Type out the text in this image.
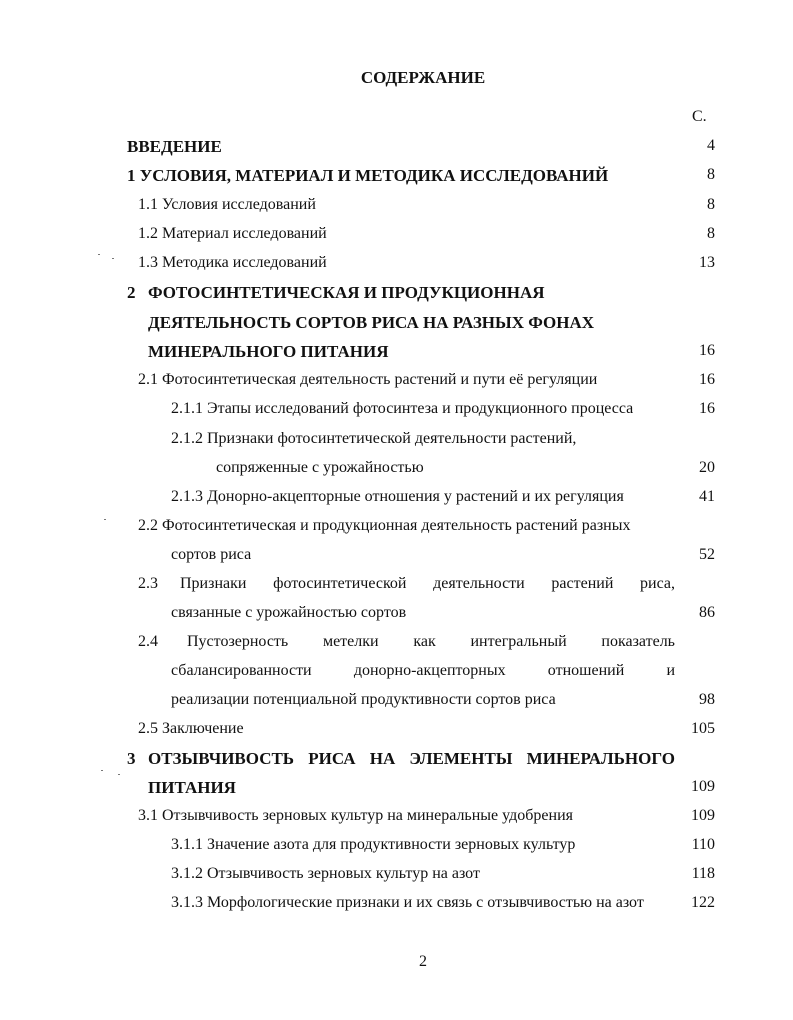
СОДЕРЖАНИЕ
С.
ВВЕДЕНИЕ	4
1 УСЛОВИЯ, МАТЕРИАЛ И МЕТОДИКА ИССЛЕДОВАНИЙ	8
1.1 Условия исследований	8
1.2 Материал исследований	8
1.3 Методика исследований	13
2 ФОТОСИНТЕТИЧЕСКАЯ И ПРОДУКЦИОННАЯ
ДЕЯТЕЛЬНОСТЬ СОРТОВ РИСА НА РАЗНЫХ ФОНАХ
МИНЕРАЛЬНОГО ПИТАНИЯ	16
2.1 Фотосинтетическая деятельность растений и пути её регуляции	16
2.1.1 Этапы исследований фотосинтеза и продукционного процесса	16
2.1.2 Признаки фотосинтетической деятельности растений,
сопряженные с урожайностью	20
2.1.3 Донорно-акцепторные отношения у растений и их регуляция	41
2.2 Фотосинтетическая и продукционная деятельность растений разных
сортов риса	52
2.3 Признаки фотосинтетической деятельности растений риса,
связанные с урожайностью сортов	86
2.4 Пустозерность метелки как интегральный показатель
сбалансированности	донорно-акцепторных	отношений	и
реализации потенциальной продуктивности сортов риса	98
2.5 Заключение	105
3 ОТЗЫВЧИВОСТЬ РИСА НА ЭЛЕМЕНТЫ МИНЕРАЛЬНОГО
ПИТАНИЯ	109
3.1 Отзывчивость зерновых культур на минеральные удобрения	109
3.1.1 Значение азота для продуктивности зерновых культур	110
3.1.2 Отзывчивость зерновых культур на азот	118
3.1.3 Морфологические признаки и их связь с отзывчивостью на азот	122
2
